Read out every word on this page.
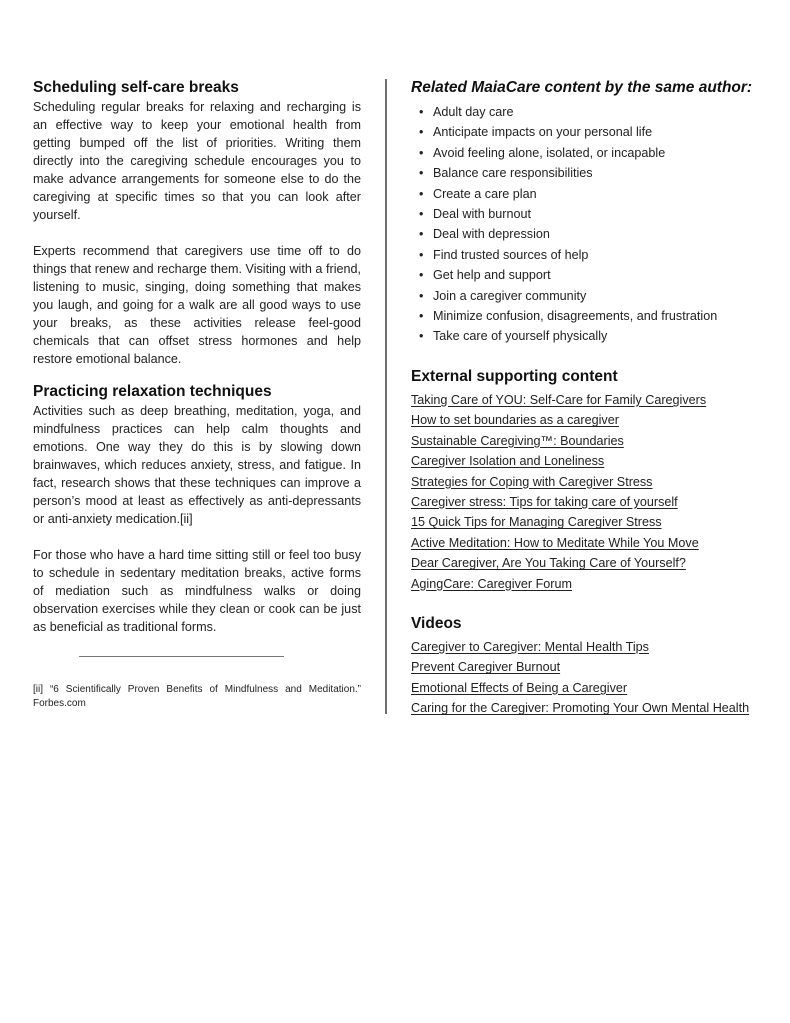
Scheduling self-care breaks

Scheduling regular breaks for relaxing and recharging is an effective way to keep your emotional health from getting bumped off the list of priorities. Writing them directly into the caregiving schedule encourages you to make advance arrangements for someone else to do the caregiving at specific times so that you can look after yourself.

Experts recommend that caregivers use time off to do things that renew and recharge them. Visiting with a friend, listening to music, singing, doing something that makes you laugh, and going for a walk are all good ways to use your breaks, as these activities release feel-good chemicals that can offset stress hormones and help restore emotional balance.

Practicing relaxation techniques

Activities such as deep breathing, meditation, yoga, and mindfulness practices can help calm thoughts and emotions. One way they do this is by slowing down brainwaves, which reduces anxiety, stress, and fatigue. In fact, research shows that these techniques can improve a person’s mood at least as effectively as anti-depressants or anti-anxiety medication.[ii]

For those who have a hard time sitting still or feel too busy to schedule in sedentary meditation breaks, active forms of mediation such as mindfulness walks or doing observation exercises while they clean or cook can be just as beneficial as traditional forms.

[ii] “6 Scientifically Proven Benefits of Mindfulness and Meditation.” Forbes.com
Related MaiaCare content by the same author:
• Adult day care
• Anticipate impacts on your personal life
• Avoid feeling alone, isolated, or incapable
• Balance care responsibilities
• Create a care plan
• Deal with burnout
• Deal with depression
• Find trusted sources of help
• Get help and support
• Join a caregiver community
• Minimize confusion, disagreements, and frustration
• Take care of yourself physically
External supporting content
Taking Care of YOU: Self-Care for Family Caregivers
How to set boundaries as a caregiver
Sustainable Caregiving™: Boundaries
Caregiver Isolation and Loneliness
Strategies for Coping with Caregiver Stress
Caregiver stress: Tips for taking care of yourself
15 Quick Tips for Managing Caregiver Stress
Active Meditation: How to Meditate While You Move
Dear Caregiver, Are You Taking Care of Yourself?
AgingCare: Caregiver Forum
Videos
Caregiver to Caregiver: Mental Health Tips
Prevent Caregiver Burnout
Emotional Effects of Being a Caregiver
Caring for the Caregiver: Promoting Your Own Mental Health
